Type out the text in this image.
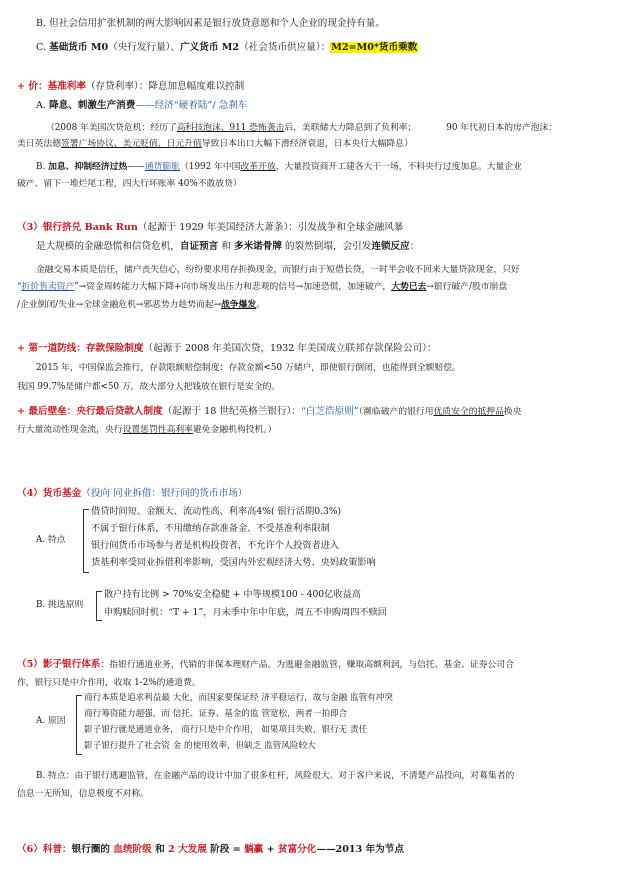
B. 但社会信用扩张机制的两大影响因素是银行放贷意愿和个人企业的现金持有量。
C. 基础货币 M0（央行发行量）、广义货币 M2（社会货币供应量）：M2=M0*货币乘数
+ 价：基准利率（存贷利率）：降息加息幅度难以控制
A. 降息、刺激生产消费——经济“硬着陆”/ 急刹车
（2008 年美国次贷危机：经历了高科技泡沫、911 恐怖袭击后，美联储大力降息到了负利率；	90 年代初日本的房产泡沫：
美日英法德签署广场协议、美元贬值、日元升值导致日本出口大幅下滑经济衰退，日本央行大幅降息）
B. 加息、抑制经济过热——通货膨胀（1992 年中国改革开放，大量投资商开工建各大干一场，不料央行过度加息。大量企业
破产、留下一堆烂尾工程，四大行坏账率 40%不敢放贷）
（3）银行挤兑 Bank Run（起源于 1929 年美国经济大萧条）：引发战争和全球金融风暴
是大规模的金融恐慌和信贷危机，自证预言 和 多米诺骨牌 的裂然倒塌，会引发连锁反应：
金融交易本质是信任，储户丧失信心，纷纷要求用存折换现金，而银行由于短借长贷，一时半会收不回来大量贷款现金，只好
“折价售卖资产”→资金周转能力大幅下降+向市场发出压力和悲观的信号→加速恐慌，加速破产，大势已去→银行破产/股市崩盘
/企业倒闭/失业→全球金融危机→邪恶势力趁势而起→战争爆发。
+ 第一道防线：存款保险制度（起源于 2008 年美国次贷，1932 年美国成立联邦存款保险公司）：
2015 年，中国保监会推行，存款限额赔偿制度：存款金额<50 万储户，即使银行倒闭，也能得到全额赔偿。
我国 99.7%是储户都<50 万，故大部分人把钱放在银行是安全的。
+ 最后壁垒：央行最后贷款人制度（起源于 18 世纪英格兰银行）：“白芝浩原则”（濒临破产的银行用优质安全的抵押品换央
行大量流动性现金流，央行设置惩罚性高利率避免金融机构投机。）
（4）货币基金（投向 同业拆借：银行间的货币市场）
A. 特点
借贷时间短、金额大、流动性高、利率高4%( 银行活期0.3%)
不属于银行体系，不用缴纳存款准备金、不受基准利率限制
银行间货币市场参与者是机构投资者，不允许个人投资者进入
货基利率受同业拆借利率影响，受国内外宏观经济大势、央妈政策影响
B. 挑选原则
散户持有比例 > 70%安全稳健 + 中等规模100 - 400亿收益高
申购赎回时机：“T + 1”，月末季中年中年底，周五不申购周四不赎回
（5）影子银行体系：指银行通道业务，代销的非保本理财产品。为逃避金融监管，赚取高额利润，与信托、基金、证券公司合
作，银行只是中介作用，收取 1-2%的通道费。
A. 原因
商行本质是追求利益最 大化，而国家要保证经 济平稳运行，故与金融 监管有冲突
商行筹资能力超强，而 信托、证券、基金的监 管宽松，两者一拍即合
影子银行就是通道业务， 商行只是中介作用， 如果项目失败，银行无 责任
影子银行提升了社会资 金 的使用效率，但缺乏 监管风险较大
B. 特点：由于银行逃避监管，在金融产品的设计中加了很多杠杆，风险很大。对于客户来说，不清楚产品投向，对募集者的
信息一无所知，信息极度不对称。
（6）科普：银行圈的 血统阶级 和 2 大发展 阶段 = 躺赢 + 贫富分化——2013 年为节点
